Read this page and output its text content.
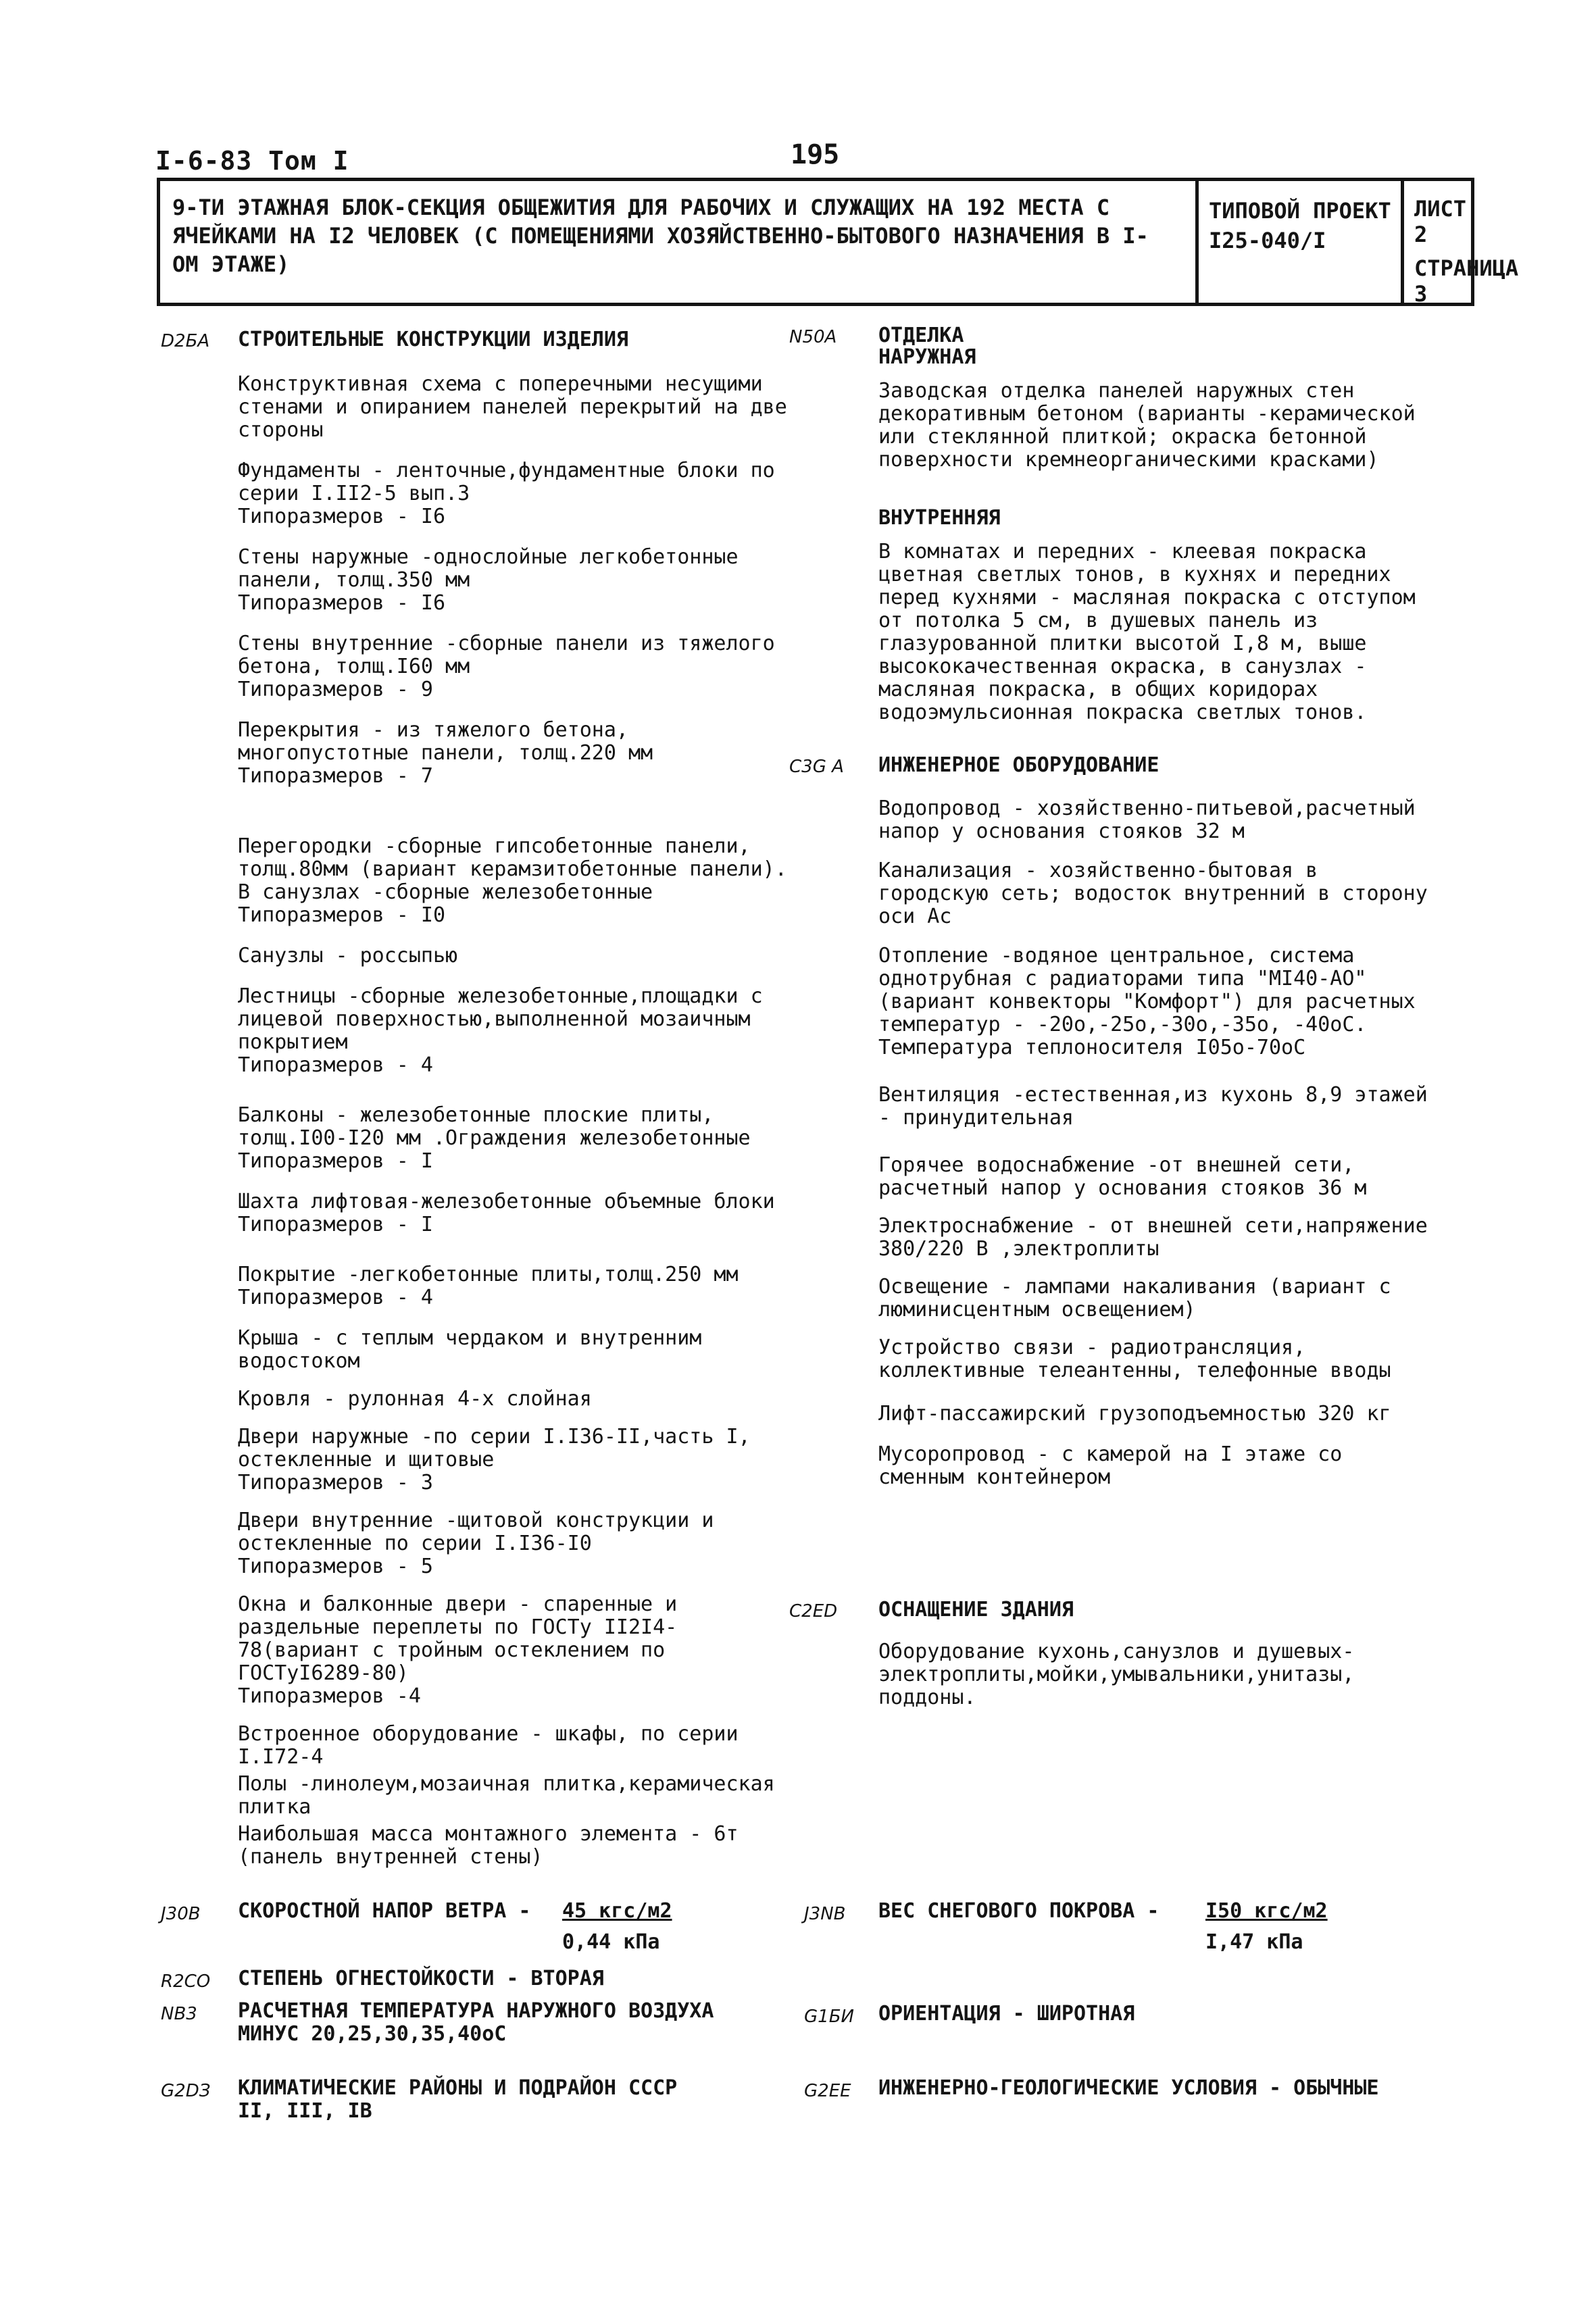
I-6-83 Том I	195
9-ТИ ЭТАЖНАЯ БЛОК-СЕКЦИЯ ОБЩЕЖИТИЯ ДЛЯ РАБОЧИХ И СЛУЖАЩИХ НА 192 МЕСТА С ЯЧЕЙКАМИ НА I2 ЧЕЛОВЕК (С ПОМЕЩЕНИЯМИ ХОЗЯЙСТВЕННО-БЫТОВОГО НАЗНАЧЕНИЯ В I-ОМ ЭТАЖЕ)
ТИПОВОЙ ПРОЕКТ
I25-040/I
ЛИСТ 2
СТРАНИЦА 3
D2БА СТРОИТЕЛЬНЫЕ КОНСТРУКЦИИ ИЗДЕЛИЯ

Конструктивная схема с поперечными несущими стенами и опиранием панелей перекрытий на две стороны

Фундаменты - ленточные,фундаментные блоки по серии I.II2-5 вып.3
Типоразмеров - I6

Стены наружные -однослойные легкобетонные панели, толщ.350 мм
Типоразмеров - I6

Стены внутренние -сборные панели из тяжелого бетона, толщ.I60 мм
Типоразмеров - 9

Перекрытия - из тяжелого бетона, многопустотные панели, толщ.220 мм
Типоразмеров - 7

Перегородки -сборные гипсобетонные панели, толщ.80мм (вариант керамзитобетонные панели). В санузлах -сборные железобетонные
Типоразмеров - I0

Санузлы - россыпью

Лестницы -сборные железобетонные,площадки с лицевой поверхностью,выполненной мозаичным покрытием
Типоразмеров - 4

Балконы - железобетонные плоские плиты, толщ.I00-I20 мм .Ограждения железобетонные
Типоразмеров - I

Шахта лифтовая-железобетонные объемные блоки
Типоразмеров - I

Покрытие -легкобетонные плиты,толщ.250 мм
Типоразмеров - 4

Крыша - с теплым чердаком и внутренним водостоком

Кровля - рулонная 4-х слойная

Двери наружные -по серии I.I36-II,часть I, остекленные и щитовые
Типоразмеров - 3

Двери внутренние -щитовой конструкции и остекленные по серии I.I36-I0
Типоразмеров - 5

Окна и балконные двери - спаренные и раздельные переплеты по ГОСТу II2I4-78(вариант с тройным остеклением по ГОСТуI6289-80)
Типоразмеров -4

Встроенное оборудование - шкафы, по серии I.I72-4

Полы -линолеум,мозаичная плитка,керамическая плитка

Наибольшая масса монтажного элемента - 6т (панель внутренней стены)

N50A ОТДЕЛКА
НАРУЖНАЯ

Заводская отделка панелей наружных стен декоративным бетоном (варианты -керамической или стеклянной плиткой; окраска бетонной поверхности кремнеорганическими красками)

ВНУТРЕННЯЯ

В комнатах и передних - клеевая покраска цветная светлых тонов, в кухнях и передних перед кухнями - масляная покраска с отступом от потолка 5 см, в душевых панель из глазурованной плитки высотой I,8 м, выше высококачественная окраска, в санузлах - масляная покраска, в общих коридорах водоэмульсионная покраска светлых тонов.

C3G A ИНЖЕНЕРНОЕ ОБОРУДОВАНИЕ

Водопровод - хозяйственно-питьевой,расчетный напор у основания стояков 32 м

Канализация - хозяйственно-бытовая в городскую сеть; водосток внутренний в сторону оси Ac

Отопление -водяное центральное, система однотрубная с радиаторами типа "МI40-АО" (вариант конвекторы "Комфорт") для расчетных температур - -20o,-25o,-30o,-35o, -40oC.
Температура теплоносителя I05o-70oC

Вентиляция -естественная,из кухонь 8,9 этажей - принудительная

Горячее водоснабжение -от внешней сети, расчетный напор у основания стояков 36 м

Электроснабжение - от внешней сети,напряжение 380/220 В ,электроплиты

Освещение - лампами накаливания (вариант с люминисцентным освещением)

Устройство связи - радиотрансляция, коллективные телеантенны, телефонные вводы

Лифт-пассажирский грузоподъемностью 320 кг

Мусоропровод - с камерой на I этаже со сменным контейнером

C2ED ОСНАЩЕНИЕ ЗДАНИЯ

Оборудование кухонь,санузлов и душевых-электроплиты,мойки,умывальники,унитазы, поддоны.

J30B СКОРОСТНОЙ НАПОР ВЕТРА - 45 кгс/м2
0,44 кПа
J3NB ВЕС СНЕГОВОГО ПОКРОВА - I50 кгс/м2
I,47 кПа
R2CO СТЕПЕНЬ ОГНЕСТОЙКОСТИ - ВТОРАЯ
NB3 РАСЧЕТНАЯ ТЕМПЕРАТУРА НАРУЖНОГО ВОЗДУХА МИНУС 20,25,30,35,40oC
G1БИ ОРИЕНТАЦИЯ - ШИРОТНАЯ
G2DЗ КЛИМАТИЧЕСКИЕ РАЙОНЫ И ПОДРАЙОН СССР
II, III, IB
G2ЕЕ ИНЖЕНЕРНО-ГЕОЛОГИЧЕСКИЕ УСЛОВИЯ - ОБЫЧНЫЕ
